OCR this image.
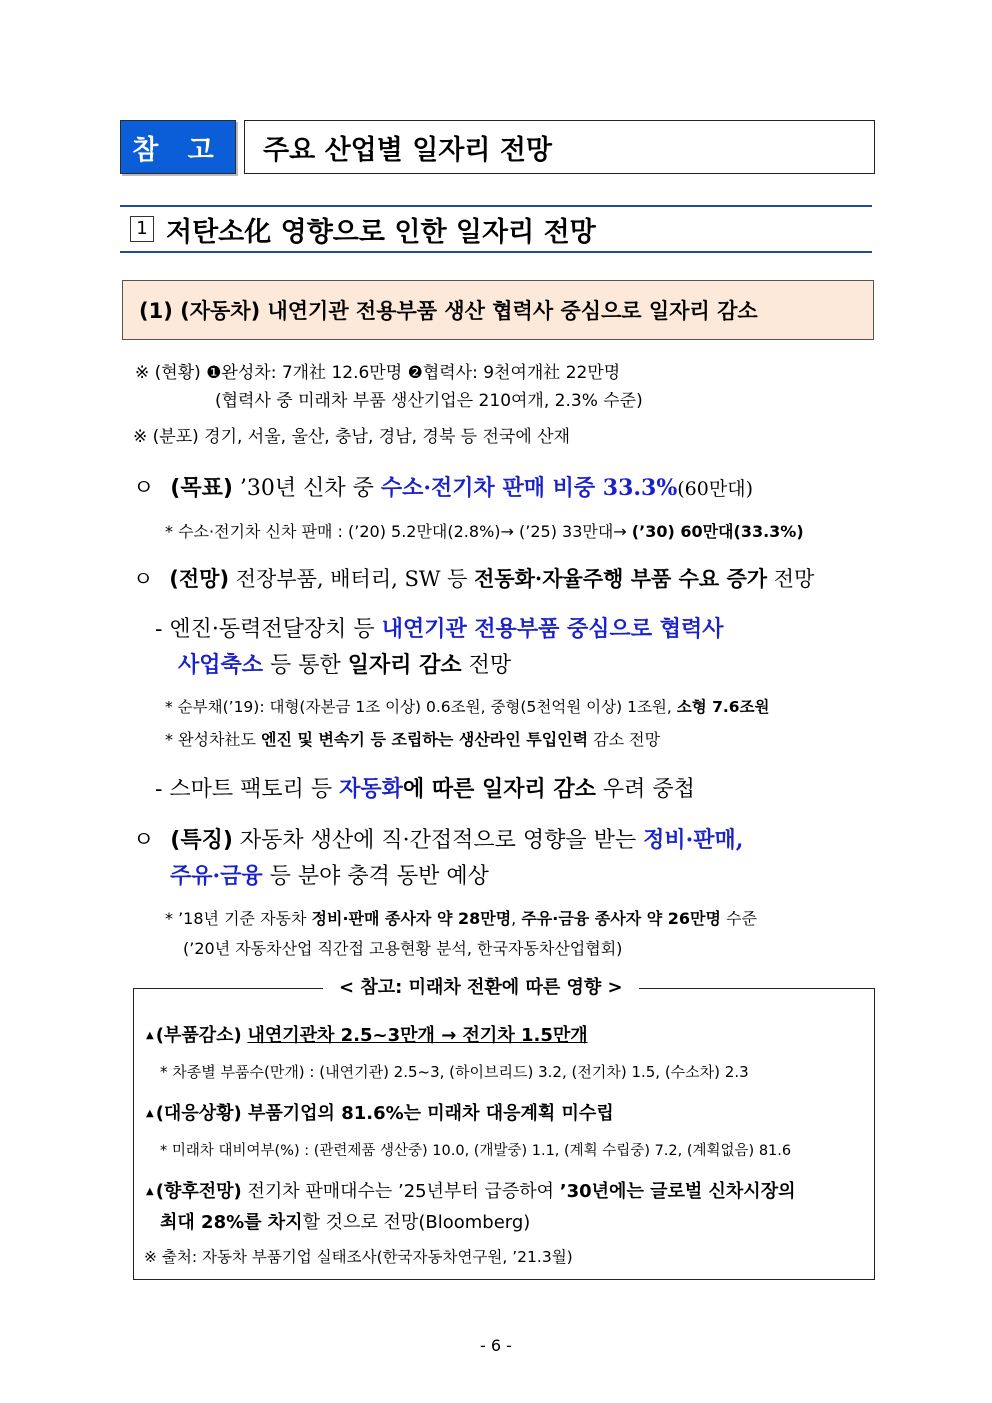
참 고	주요 산업별 일자리 전망
1 저탄소化 영향으로 인한 일자리 전망
(1) (자동차) 내연기관 전용부품 생산 협력사 중심으로 일자리 감소
※ (현황) ❶완성차: 7개社 12.6만명 ❷협력사: 9천여개社 22만명
(협력사 중 미래차 부품 생산기업은 210여개, 2.3% 수준)
※ (분포) 경기, 서울, 울산, 충남, 경남, 경북 등 전국에 산재
ㅇ (목표) ’30년 신차 중 수소·전기차 판매 비중 33.3%(60만대)
* 수소·전기차 신차 판매 : (’20) 5.2만대(2.8%)→ (’25) 33만대→ (’30) 60만대(33.3%)
ㅇ (전망) 전장부품, 배터리, SW 등 전동화·자율주행 부품 수요 증가 전망
- 엔진·동력전달장치 등 내연기관 전용부품 중심으로 협력사
사업축소 등 통한 일자리 감소 전망
* 순부채(’19): 대형(자본금 1조 이상) 0.6조원, 중형(5천억원 이상) 1조원, 소형 7.6조원
* 완성차社도 엔진 및 변속기 등 조립하는 생산라인 투입인력 감소 전망
- 스마트 팩토리 등 자동화에 따른 일자리 감소 우려 중첩
ㅇ (특징) 자동차 생산에 직·간접적으로 영향을 받는 정비·판매,
주유·금융 등 분야 충격 동반 예상
* ’18년 기준 자동차 정비·판매 종사자 약 28만명, 주유·금융 종사자 약 26만명 수준
(’20년 자동차산업 직간접 고용현황 분석, 한국자동차산업협회)
< 참고: 미래차 전환에 따른 영향 >
▲ (부품감소) 내연기관차 2.5~3만개 → 전기차 1.5만개
* 차종별 부품수(만개) : (내연기관) 2.5~3, (하이브리드) 3.2, (전기차) 1.5, (수소차) 2.3
▲ (대응상황) 부품기업의 81.6%는 미래차 대응계획 미수립
* 미래차 대비여부(%) : (관련제품 생산중) 10.0, (개발중) 1.1, (계획 수립중) 7.2, (계획없음) 81.6
▲ (향후전망) 전기차 판매대수는 ’25년부터 급증하여 ’30년에는 글로벌 신차시장의
최대 28%를 차지할 것으로 전망(Bloomberg)
※ 출처: 자동차 부품기업 실태조사(한국자동차연구원, ’21.3월)
- 6 -
